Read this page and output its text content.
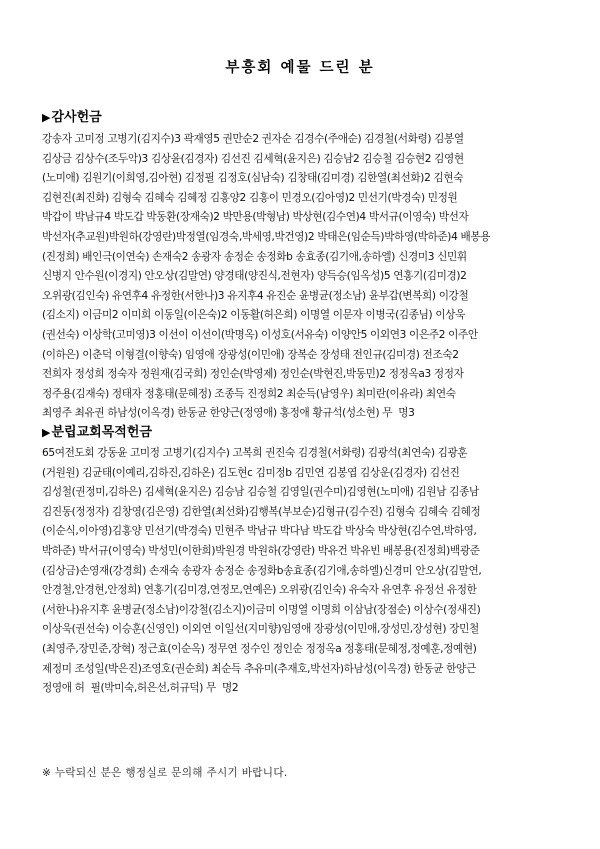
부흥회 예물 드린 분
▶감사헌금
강송자 고미정 고병기(김지수)3 곽재영5 권만순2 권자순 김경수(주애순) 김경철(서화령) 김봉열
김상금 김상수(조두악)3 김상윤(김경자) 김선진 김세혁(윤지은) 김승남2 김승철 김승현2 김영현
(노미애) 김원기(이희영,김아현) 김정필 김정호(심남숙) 김창태(김미경) 김한열(최선화)2 김현숙
김현진(최진화) 김형숙 김혜숙 김혜정 김홍양2 김홍이 민경오(김아영)2 민선기(박경숙) 민정원
박갑이 박남규4 박도갑 박동환(장재숙)2 박만용(박형남) 박상현(김수연)4 박서규(이영숙) 박선자
박선자(추교원)박원하(강영란)박정열(임경숙,박세영,박건영)2 박태은(임순득)박하영(박하준)4 배봉용
(진정희) 배인극(이연숙) 손재숙2 송광자 송정순 송정화b 송효종(김기애,송하엘) 신경미3 신민휘
신병지 안수원(이경지) 안오상(김말연) 양경태(양진식,전현자) 양득승(임옥성)5 연홍기(김미경)2
오위광(김인숙) 유연후4 유정한(서한나)3 유지후4 유진순 윤병균(정소남) 윤부갑(변복희) 이강철
(김소지) 이금미2 이미희 이동일(이은숙)2 이동활(허은희) 이명열 이문자 이병국(김종님) 이상욱
(권선숙) 이상학(고미영)3 이선이 이선이(박명옥) 이성호(서유숙) 이양안5 이외연3 이은주2 이주안
(이하은) 이춘덕 이형결(이향숙) 임영애 장광성(이민애) 장복순 장성태 전인규(김미경) 전조숙2
전희자 정성희 정숙자 정원재(김국희) 정인순(박영제) 정인순(박현진,박동민)2 정정옥a3 정정자
정주용(김재숙) 정태자 정홍태(문혜정) 조종득 진정희2 최순득(남영우) 최미란(이유라) 최연숙
최영주 최유권 하남성(이옥경) 한동균 한양근(정영애) 홍정애 황규석(성소현) 무  명3
▶분립교회목적헌금
65여전도회 강동윤 고미정 고병기(김지수) 고복희 권진숙 김경철(서화령) 김광석(최연숙) 김광훈
(거원원) 김균태(이예리,김하진,김하온) 김도현c 김미정b 김민연 김봉엽 김상운(김경자) 김선진
김성철(권정미,김하은) 김세혁(윤지은) 김승남 김승철 김영일(권수미)김영현(노미애) 김원남 김종남
김진동(정정자) 김창영(김은영) 김한열(최선화)김행복(부보순)김형규(김수진) 김형숙 김혜숙 김혜정
(이순식,이아영)김홍양 민선기(박경숙) 민현주 박남규 박다남 박도갑 박상숙 박상현(김수연,박하영,
박하준) 박서규(이영숙) 박성민(이한희)박원경 박원하(강영란) 박유건 박유빈 배봉용(진정희)백광준
(김상금)손영재(강경희) 손재숙 송광자 송정순 송정화b송효종(김기애,송하엘)신경미 안오상(김말연,
안경철,안경현,안정희) 연홍기(김미경,연정모,연예은) 오위광(김인숙) 유숙자 유연후 유정선 유정한
(서한나)유지후 윤병균(정소남)이강철(김소지)이금미 이명열 이명희 이삼남(장점순) 이상수(정새진)
이상욱(권선숙) 이승훈(신영인) 이외연 이일선(지미향)임영애 장광성(이민애,장성민,장성현) 장민철
(최영주,장민준,장혁) 정근효(이순옥) 정무연 정수인 정인순 정정옥a 정홍태(문혜정,정예훈,정예현)
제정미 조성일(박은진)조영호(권순희) 최순득 추유미(추재호,박선자)하남성(이옥경) 한동균 한양근
정영애 허  필(박미숙,허은선,허규덕) 무  명2
※ 누락되신 분은 행정실로 문의해 주시기 바랍니다.
